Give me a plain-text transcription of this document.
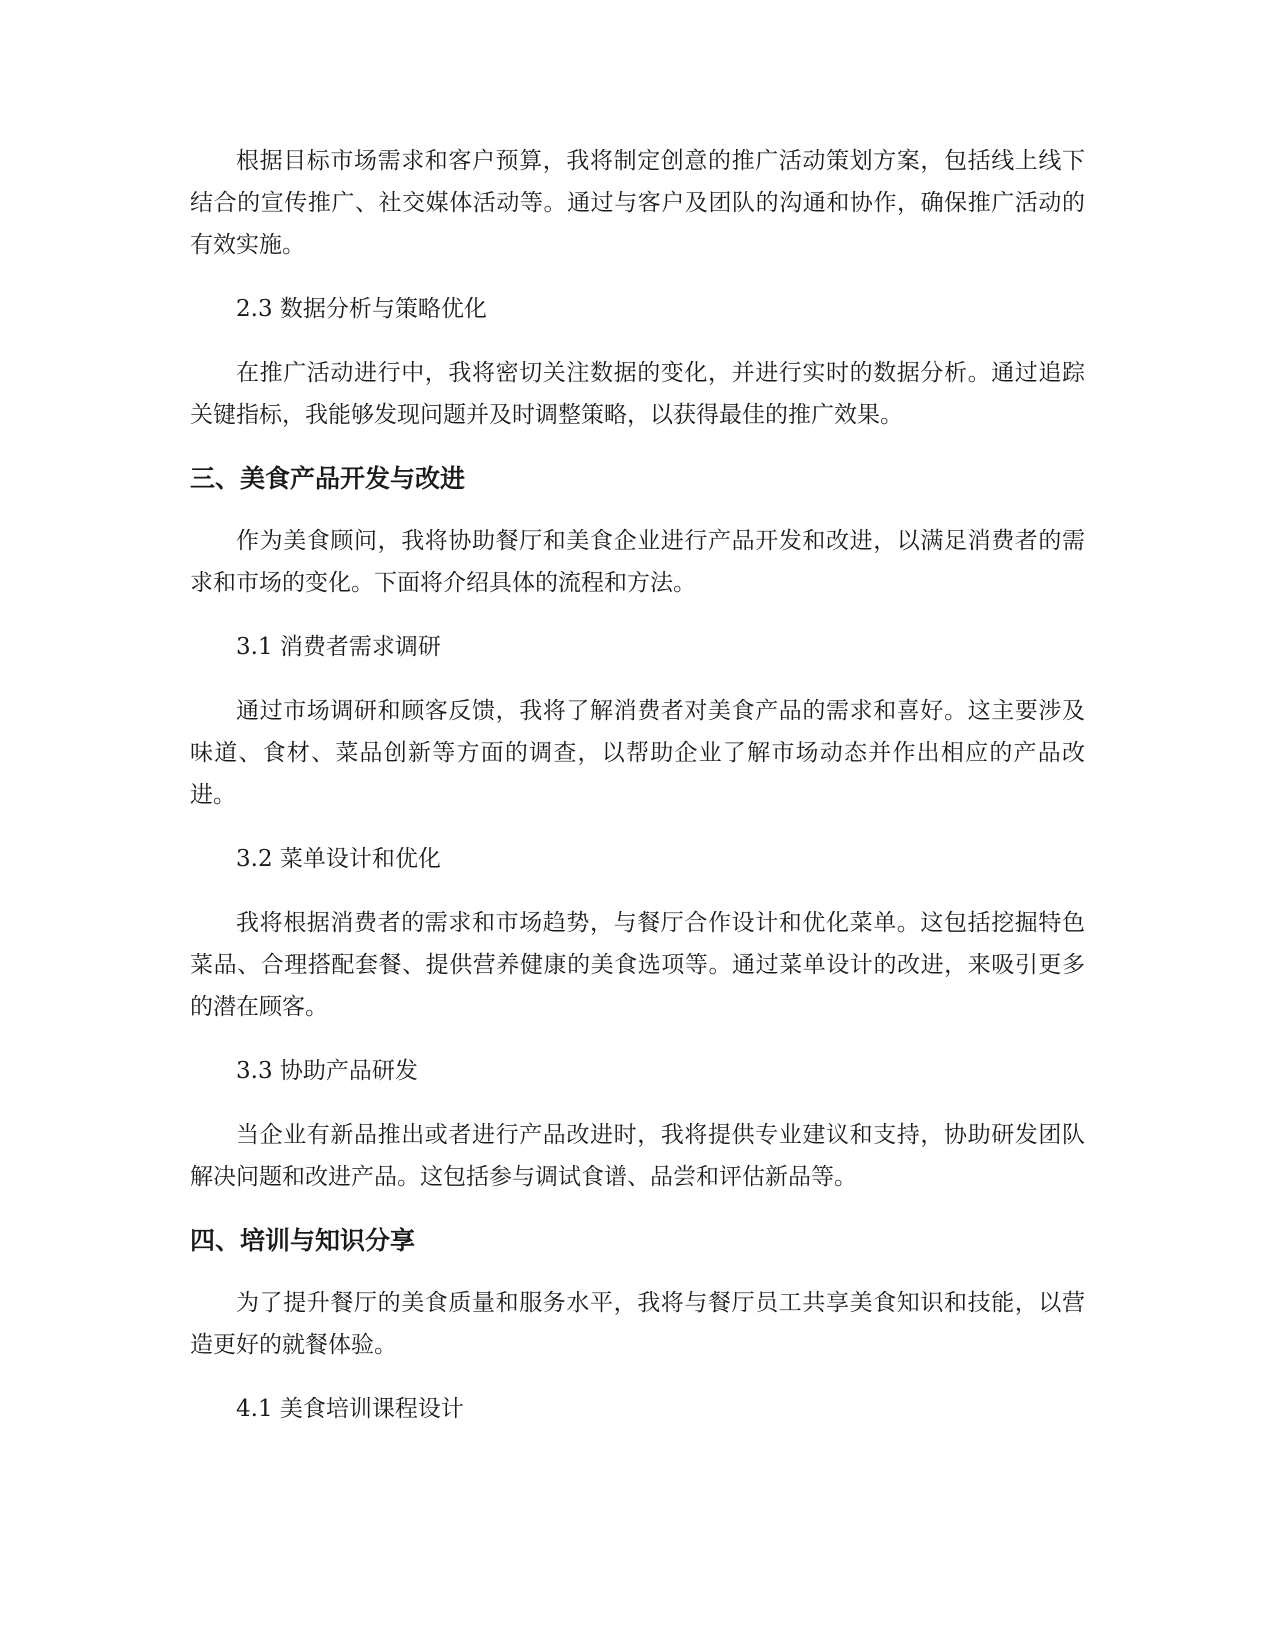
根据目标市场需求和客户预算，我将制定创意的推广活动策划方案，包括线上线下结合的宣传推广、社交媒体活动等。通过与客户及团队的沟通和协作，确保推广活动的有效实施。

2.3 数据分析与策略优化

在推广活动进行中，我将密切关注数据的变化，并进行实时的数据分析。通过追踪关键指标，我能够发现问题并及时调整策略，以获得最佳的推广效果。

三、美食产品开发与改进

作为美食顾问，我将协助餐厅和美食企业进行产品开发和改进，以满足消费者的需求和市场的变化。下面将介绍具体的流程和方法。

3.1 消费者需求调研

通过市场调研和顾客反馈，我将了解消费者对美食产品的需求和喜好。这主要涉及味道、食材、菜品创新等方面的调查，以帮助企业了解市场动态并作出相应的产品改进。

3.2 菜单设计和优化

我将根据消费者的需求和市场趋势，与餐厅合作设计和优化菜单。这包括挖掘特色菜品、合理搭配套餐、提供营养健康的美食选项等。通过菜单设计的改进，来吸引更多的潜在顾客。

3.3 协助产品研发

当企业有新品推出或者进行产品改进时，我将提供专业建议和支持，协助研发团队解决问题和改进产品。这包括参与调试食谱、品尝和评估新品等。

四、培训与知识分享

为了提升餐厅的美食质量和服务水平，我将与餐厅员工共享美食知识和技能，以营造更好的就餐体验。

4.1 美食培训课程设计
